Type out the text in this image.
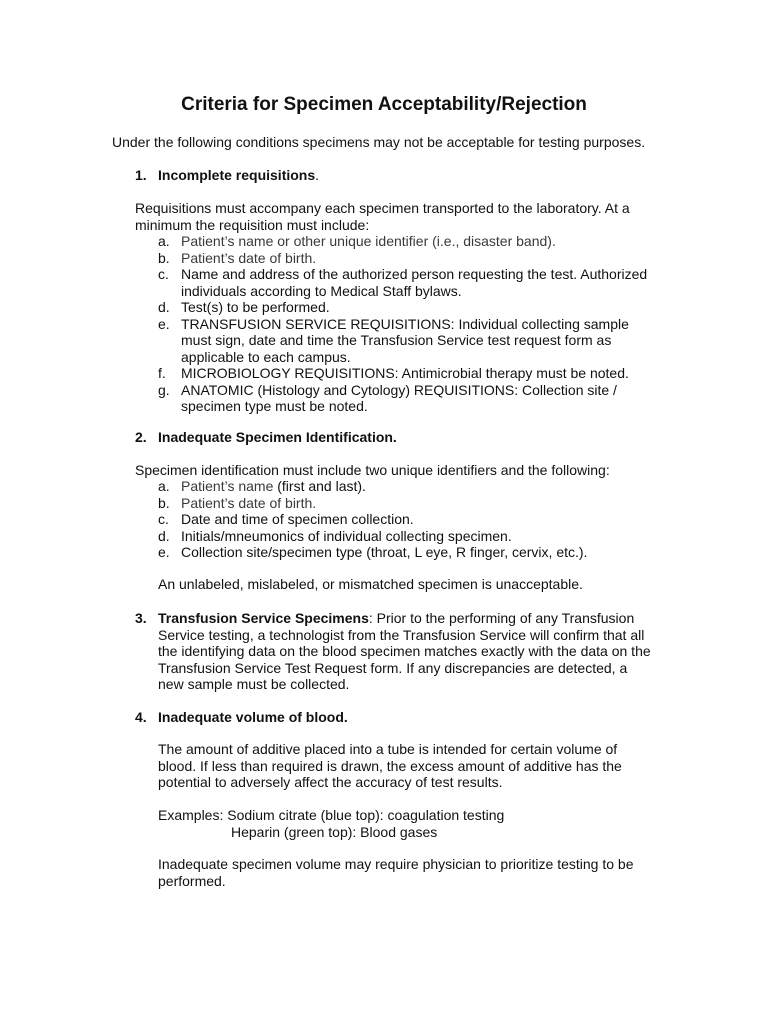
Criteria for Specimen Acceptability/Rejection

Under the following conditions specimens may not be acceptable for testing purposes.

1. Incomplete requisitions.

Requisitions must accompany each specimen transported to the laboratory. At a minimum the requisition must include:

a. Patient’s name or other unique identifier (i.e., disaster band).
b. Patient’s date of birth.
c. Name and address of the authorized person requesting the test. Authorized individuals according to Medical Staff bylaws.
d. Test(s) to be performed.
e. TRANSFUSION SERVICE REQUISITIONS: Individual collecting sample must sign, date and time the Transfusion Service test request form as applicable to each campus.
f. MICROBIOLOGY REQUISITIONS: Antimicrobial therapy must be noted.
g. ANATOMIC (Histology and Cytology) REQUISITIONS: Collection site / specimen type must be noted.

2. Inadequate Specimen Identification.

Specimen identification must include two unique identifiers and the following:

a. Patient’s name (first and last).
b. Patient’s date of birth.
c. Date and time of specimen collection.
d. Initials/mneumonics of individual collecting specimen.
e. Collection site/specimen type (throat, L eye, R finger, cervix, etc.).

An unlabeled, mislabeled, or mismatched specimen is unacceptable.

3. Transfusion Service Specimens: Prior to the performing of any Transfusion Service testing, a technologist from the Transfusion Service will confirm that all the identifying data on the blood specimen matches exactly with the data on the Transfusion Service Test Request form. If any discrepancies are detected, a new sample must be collected.

4. Inadequate volume of blood.

The amount of additive placed into a tube is intended for certain volume of blood. If less than required is drawn, the excess amount of additive has the potential to adversely affect the accuracy of test results.

Examples: Sodium citrate (blue top): coagulation testing
Heparin (green top): Blood gases

Inadequate specimen volume may require physician to prioritize testing to be performed.
